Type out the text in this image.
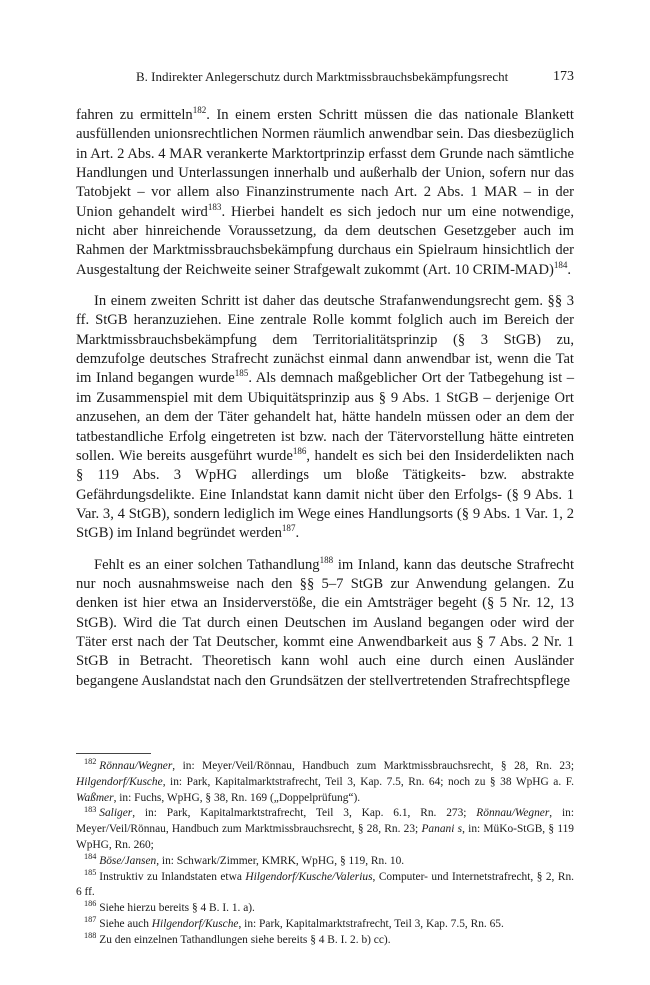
B. Indirekter Anlegerschutz durch Marktmissbrauchsbekämpfungsrecht	173

fahren zu ermitteln$^{182}$. In einem ersten Schritt müssen die das nationale Blankett ausfüllenden unionsrechtlichen Normen räumlich anwendbar sein. Das diesbezüglich in Art. 2 Abs. 4 MAR verankerte Marktortprinzip erfasst dem Grunde nach sämtliche Handlungen und Unterlassungen innerhalb und außerhalb der Union, sofern nur das Tatobjekt – vor allem also Finanzinstrumente nach Art. 2 Abs. 1 MAR – in der Union gehandelt wird$^{183}$. Hierbei handelt es sich jedoch nur um eine notwendige, nicht aber hinreichende Voraussetzung, da dem deutschen Gesetzgeber auch im Rahmen der Marktmissbrauchsbekämpfung durchaus ein Spielraum hinsichtlich der Ausgestaltung der Reichweite seiner Strafgewalt zukommt (Art. 10 CRIM-MAD)$^{184}$.

In einem zweiten Schritt ist daher das deutsche Strafanwendungsrecht gem. §§ 3 ff. StGB heranzuziehen. Eine zentrale Rolle kommt folglich auch im Bereich der Marktmissbrauchsbekämpfung dem Territorialitätsprinzip (§ 3 StGB) zu, demzufolge deutsches Strafrecht zunächst einmal dann anwendbar ist, wenn die Tat im Inland begangen wurde$^{185}$. Als demnach maßgeblicher Ort der Tatbegehung ist – im Zusammenspiel mit dem Ubiquitätsprinzip aus § 9 Abs. 1 StGB – derjenige Ort anzusehen, an dem der Täter gehandelt hat, hätte handeln müssen oder an dem der tatbestandliche Erfolg eingetreten ist bzw. nach der Tätervorstellung hätte eintreten sollen. Wie bereits ausgeführt wurde$^{186}$, handelt es sich bei den Insiderdelikten nach § 119 Abs. 3 WpHG allerdings um bloße Tätigkeits- bzw. abstrakte Gefährdungsdelikte. Eine Inlandstat kann damit nicht über den Erfolgs- (§ 9 Abs. 1 Var. 3, 4 StGB), sondern lediglich im Wege eines Handlungsorts (§ 9 Abs. 1 Var. 1, 2 StGB) im Inland begründet werden$^{187}$.

Fehlt es an einer solchen Tathandlung$^{188}$ im Inland, kann das deutsche Strafrecht nur noch ausnahmsweise nach den §§ 5–7 StGB zur Anwendung gelangen. Zu denken ist hier etwa an Insiderverstöße, die ein Amtsträger begeht (§ 5 Nr. 12, 13 StGB). Wird die Tat durch einen Deutschen im Ausland begangen oder wird der Täter erst nach der Tat Deutscher, kommt eine Anwendbarkeit aus § 7 Abs. 2 Nr. 1 StGB in Betracht. Theoretisch kann wohl auch eine durch einen Ausländer begangene Auslandstat nach den Grundsätzen der stellvertretenden Strafrechtspflege

$^{182}$ Rönnau/Wegner, in: Meyer/Veil/Rönnau, Handbuch zum Marktmissbrauchsrecht, § 28, Rn. 23; Hilgendorf/Kusche, in: Park, Kapitalmarktstrafrecht, Teil 3, Kap. 7.5, Rn. 64; noch zu § 38 WpHG a. F. Waßmer, in: Fuchs, WpHG, § 38, Rn. 169 („Doppelprüfung“).

$^{183}$ Saliger, in: Park, Kapitalmarktstrafrecht, Teil 3, Kap. 6.1, Rn. 273; Rönnau/Wegner, in: Meyer/Veil/Rönnau, Handbuch zum Marktmissbrauchsrecht, § 28, Rn. 23; Panani s, in: MüKo-StGB, § 119 WpHG, Rn. 260;

$^{184}$ Böse/Jansen, in: Schwark/Zimmer, KMRK, WpHG, § 119, Rn. 10.

$^{185}$ Instruktiv zu Inlandstaten etwa Hilgendorf/Kusche/Valerius, Computer- und Internetstrafrecht, § 2, Rn. 6 ff.

$^{186}$ Siehe hierzu bereits § 4 B. I. 1. a).

$^{187}$ Siehe auch Hilgendorf/Kusche, in: Park, Kapitalmarktstrafrecht, Teil 3, Kap. 7.5, Rn. 65.

$^{188}$ Zu den einzelnen Tathandlungen siehe bereits § 4 B. I. 2. b) cc).
